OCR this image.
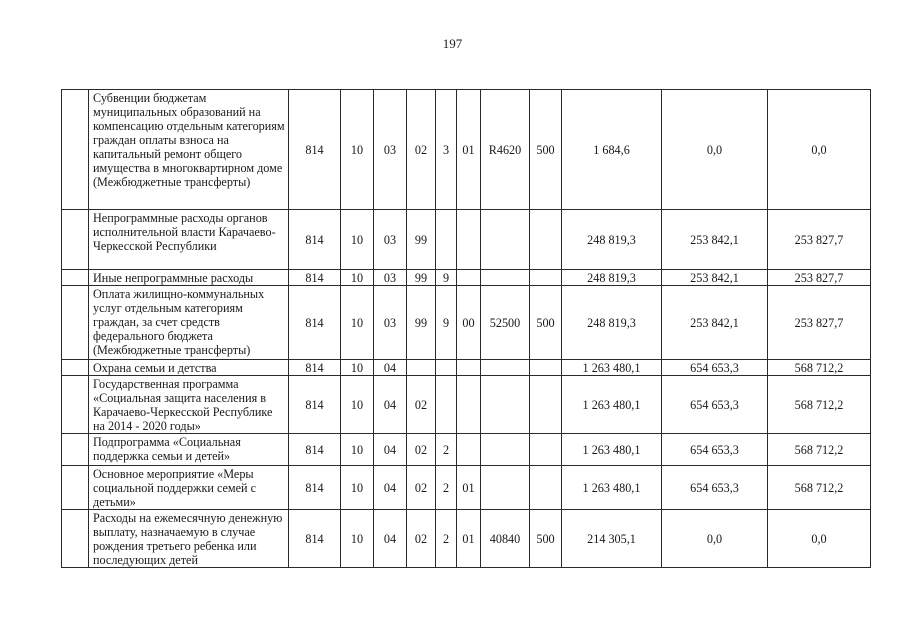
197
	Субвенции бюджетам муниципальных образований на компенсацию отдельным категориям граждан оплаты взноса на капитальный ремонт общего имущества в многоквартирном доме (Межбюджетные трансферты)	814	10	03	02	3	01	R4620	500	1 684,6	0,0	0,0
	Непрограммные расходы органов исполнительной власти Карачаево-Черкесской Республики	814	10	03	99					248 819,3	253 842,1	253 827,7
	Иные непрограммные расходы	814	10	03	99	9				248 819,3	253 842,1	253 827,7
	Оплата жилищно-коммунальных услуг отдельным категориям граждан, за счет средств федерального бюджета (Межбюджетные трансферты)	814	10	03	99	9	00	52500	500	248 819,3	253 842,1	253 827,7
	Охрана семьи и детства	814	10	04						1 263 480,1	654 653,3	568 712,2
	Государственная программа «Социальная защита населения в Карачаево-Черкесской Республике на 2014 - 2020 годы»	814	10	04	02					1 263 480,1	654 653,3	568 712,2
	Подпрограмма «Социальная поддержка семьи и детей»	814	10	04	02	2				1 263 480,1	654 653,3	568 712,2
	Основное мероприятие «Меры социальной поддержки семей с детьми»	814	10	04	02	2	01			1 263 480,1	654 653,3	568 712,2
	Расходы на ежемесячную денежную выплату, назначаемую в случае рождения третьего ребенка или последующих детей	814	10	04	02	2	01	40840	500	214 305,1	0,0	0,0
